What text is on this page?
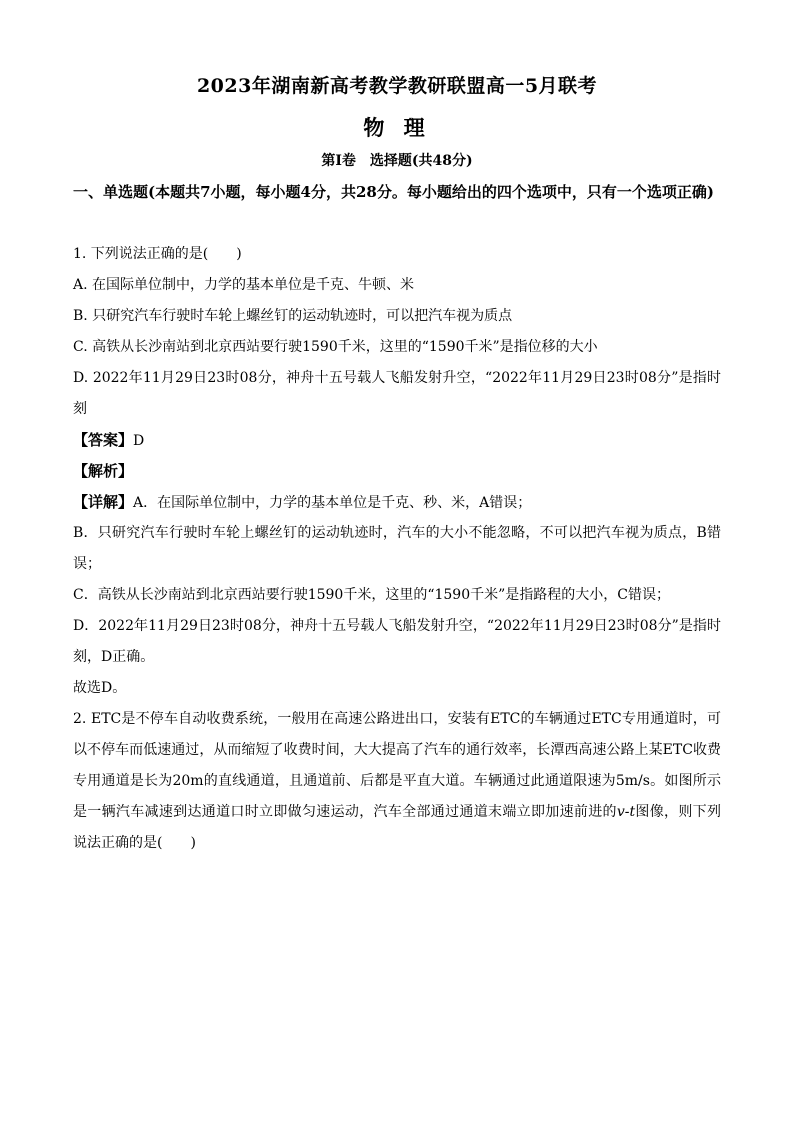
2023年湖南新高考教学教研联盟高一5月联考
物 理
第Ⅰ卷　选择题(共48分)
一、单选题(本题共7小题，每小题4分，共28分。每小题给出的四个选项中，只有一个选项正确)
1. 下列说法正确的是(　　)
A. 在国际单位制中，力学的基本单位是千克、牛顿、米
B. 只研究汽车行驶时车轮上螺丝钉的运动轨迹时，可以把汽车视为质点
C. 高铁从长沙南站到北京西站要行驶1590千米，这里的“1590千米”是指位移的大小
D. 2022年11月29日23时08分，神舟十五号载人飞船发射升空，“2022年11月29日23时08分”是指时刻
【答案】D
【解析】
【详解】A．在国际单位制中，力学的基本单位是千克、秒、米，A错误；
B．只研究汽车行驶时车轮上螺丝钉的运动轨迹时，汽车的大小不能忽略，不可以把汽车视为质点，B错误；
C．高铁从长沙南站到北京西站要行驶1590千米，这里的“1590千米”是指路程的大小，C错误；
D．2022年11月29日23时08分，神舟十五号载人飞船发射升空，“2022年11月29日23时08分”是指时刻，D正确。
故选D。
2. ETC是不停车自动收费系统，一般用在高速公路进出口，安装有ETC的车辆通过ETC专用通道时，可以不停车而低速通过，从而缩短了收费时间，大大提高了汽车的通行效率，长潭西高速公路上某ETC收费专用通道是长为20m的直线通道，且通道前、后都是平直大道。车辆通过此通道限速为5m/s。如图所示是一辆汽车减速到达通道口时立即做匀速运动，汽车全部通过通道末端立即加速前进的v-t图像，则下列说法正确的是(　　)
